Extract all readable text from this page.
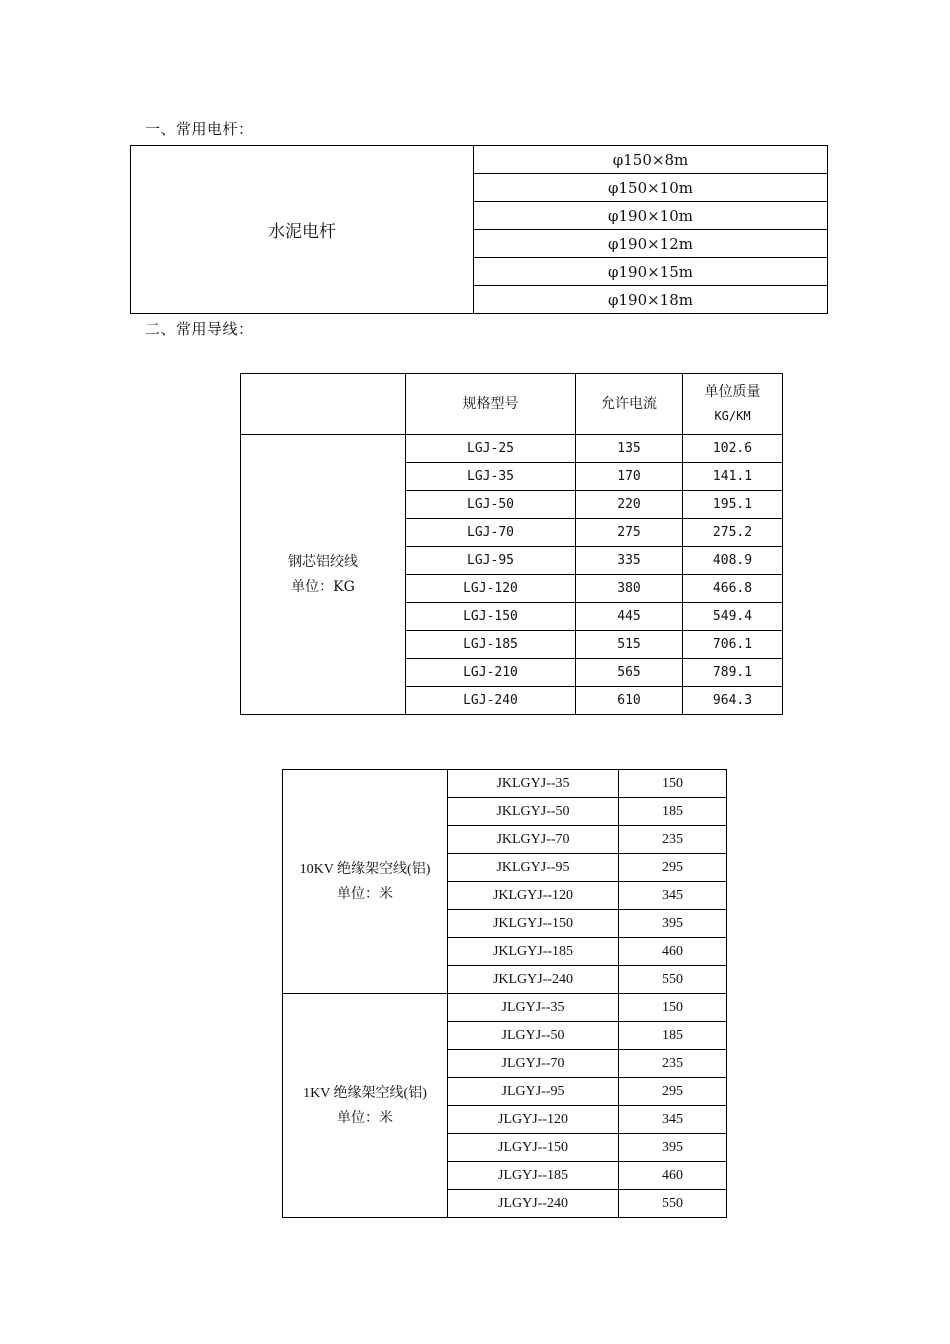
一、常用电杆：
水泥电杆	φ150×8m
φ150×10m
φ190×10m
φ190×12m
φ190×15m
φ190×18m
二、常用导线：
	规格型号	允许电流	单位质量
KG/KM

钢芯铝绞线
单位：KG	LGJ-25	135	102.6
	LGJ-35	170	141.1
	LGJ-50	220	195.1
	LGJ-70	275	275.2
	LGJ-95	335	408.9
	LGJ-120	380	466.8
	LGJ-150	445	549.4
	LGJ-185	515	706.1
	LGJ-210	565	789.1
	LGJ-240	610	964.3
10KV 绝缘架空线(铝)
单位：米	JKLGYJ--35	150
	JKLGYJ--50	185
	JKLGYJ--70	235
	JKLGYJ--95	295
	JKLGYJ--120	345
	JKLGYJ--150	395
	JKLGYJ--185	460
	JKLGYJ--240	550

1KV 绝缘架空线(铝)
单位：米	JLGYJ--35	150
	JLGYJ--50	185
	JLGYJ--70	235
	JLGYJ--95	295
	JLGYJ--120	345
	JLGYJ--150	395
	JLGYJ--185	460
	JLGYJ--240	550
